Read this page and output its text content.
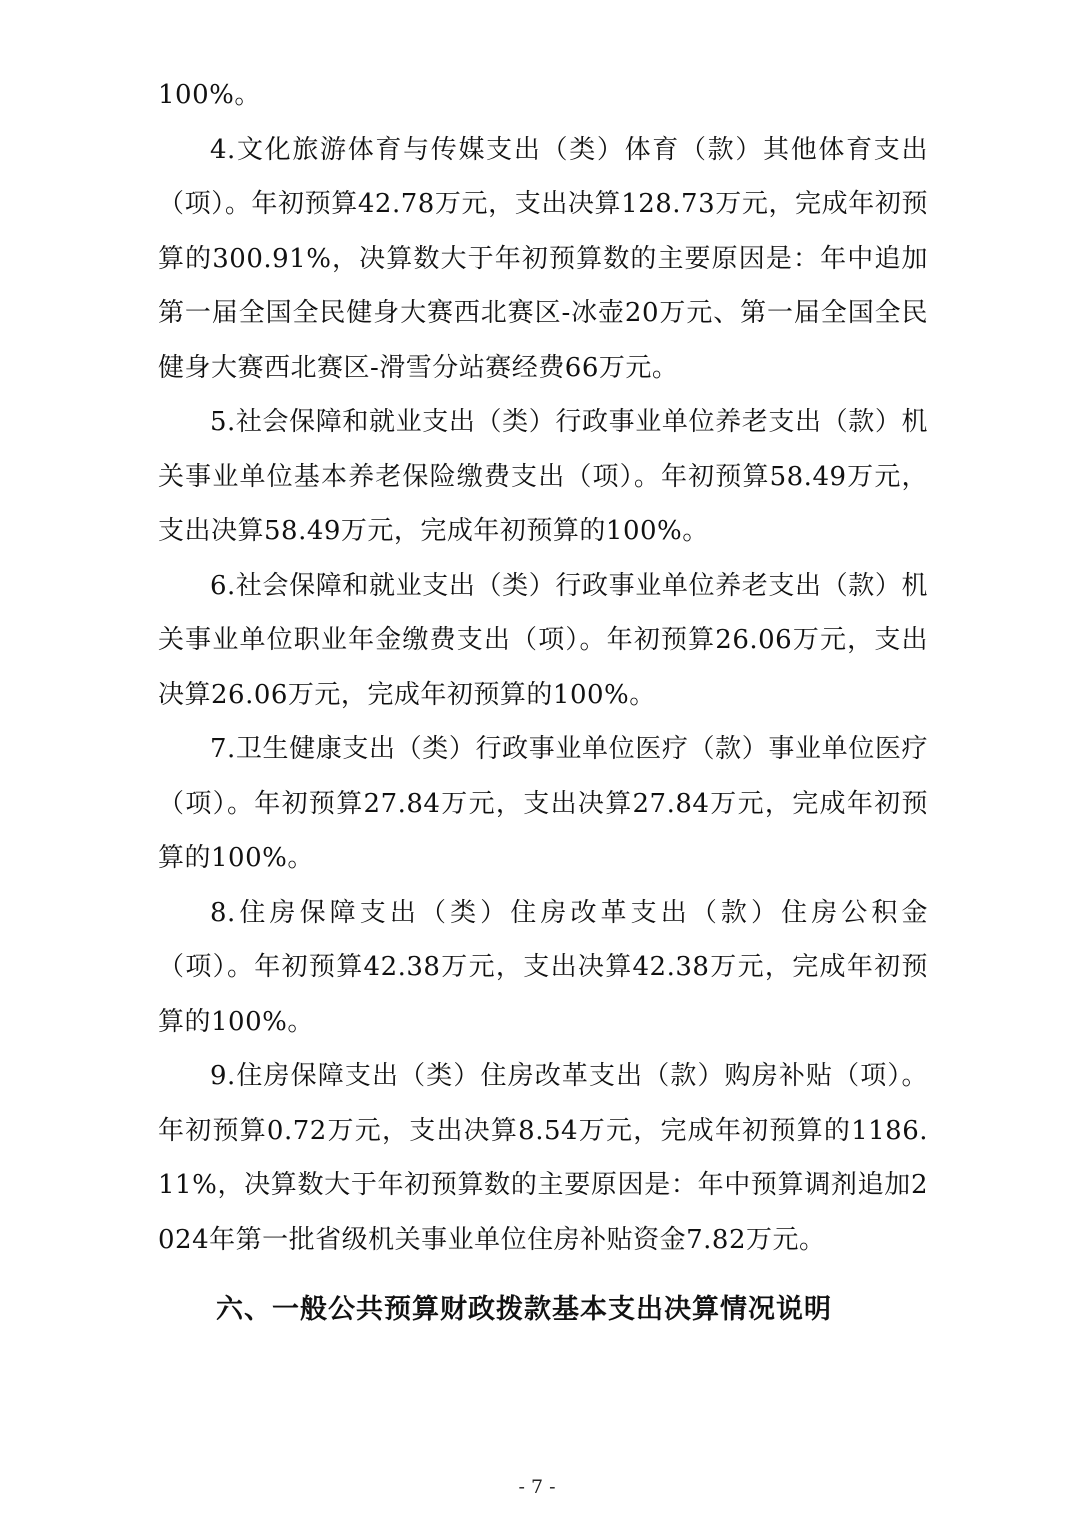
100%。

4.文化旅游体育与传媒支出（类）体育（款）其他体育支出（项）。年初预算42.78万元，支出决算128.73万元，完成年初预算的300.91%，决算数大于年初预算数的主要原因是：年中追加第一届全国全民健身大赛西北赛区-冰壶20万元、第一届全国全民健身大赛西北赛区-滑雪分站赛经费66万元。

5.社会保障和就业支出（类）行政事业单位养老支出（款）机关事业单位基本养老保险缴费支出（项）。年初预算58.49万元，支出决算58.49万元，完成年初预算的100%。

6.社会保障和就业支出（类）行政事业单位养老支出（款）机关事业单位职业年金缴费支出（项）。年初预算26.06万元，支出决算26.06万元，完成年初预算的100%。

7.卫生健康支出（类）行政事业单位医疗（款）事业单位医疗（项）。年初预算27.84万元，支出决算27.84万元，完成年初预算的100%。

8.住房保障支出（类）住房改革支出（款）住房公积金（项）。年初预算42.38万元，支出决算42.38万元，完成年初预算的100%。

9.住房保障支出（类）住房改革支出（款）购房补贴（项）。年初预算0.72万元，支出决算8.54万元，完成年初预算的1186.11%，决算数大于年初预算数的主要原因是：年中预算调剂追加2024年第一批省级机关事业单位住房补贴资金7.82万元。

六、一般公共预算财政拨款基本支出决算情况说明
- 7 -
